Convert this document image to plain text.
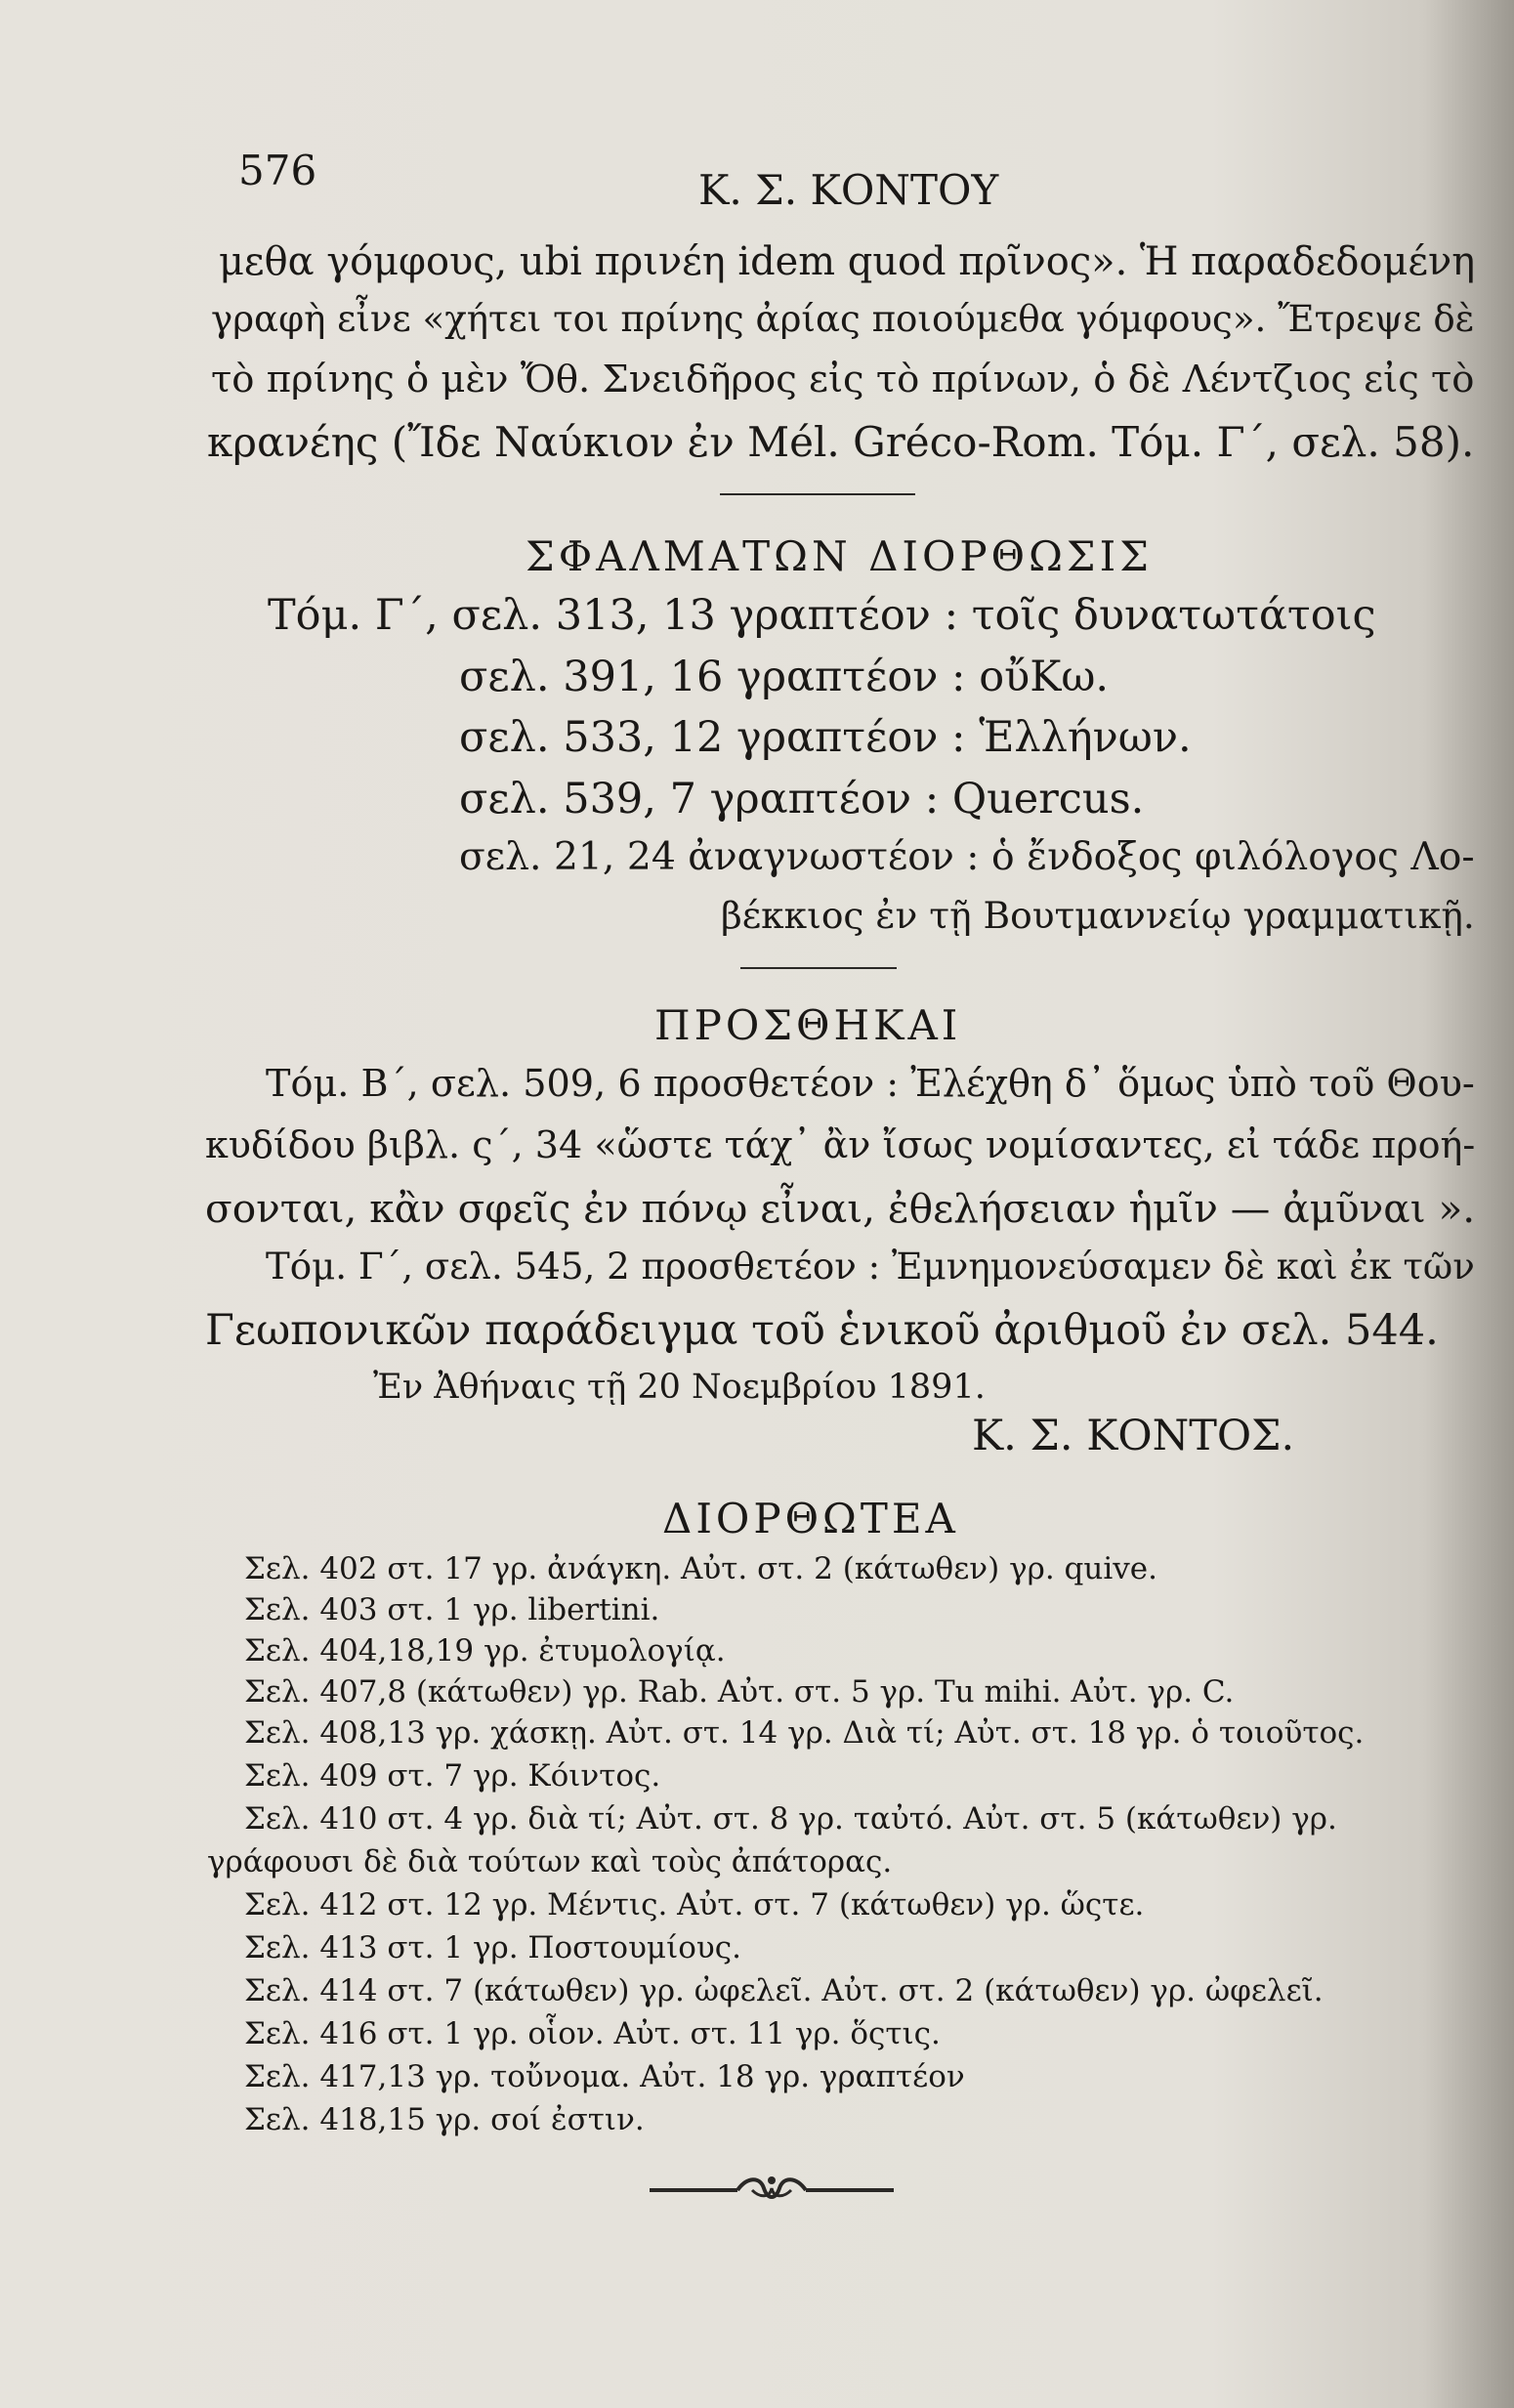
576	Κ. Σ. ΚΟΝΤΟΥ
μεθα γόμφους, ubi πρινέη idem quod πρῖνος». Ἡ παραδεδομένη
γραφὴ εἶνε «χήτει τοι πρίνης ἀρίας ποιούμεθα γόμφους». Ἔτρεψε δὲ
τὸ πρίνης ὁ μὲν Ὄθ. Σνειδῆρος εἰς τὸ πρίνων, ὁ δὲ Λέντζιος εἰς τὸ
κρανέης (Ἴδε Ναύκιον ἐν Mél. Gréco-Rom. Τόμ. Γ΄, σελ. 58).
ΣΦΑΛΜΑΤΩΝ ΔΙΟΡΘΩΣΙΣ
Τόμ. Γ΄, σελ. 313, 13 γραπτέον : τοῖς δυνατωτάτοις
σελ. 391, 16 γραπτέον : οὔΚω.
σελ. 533, 12 γραπτέον : Ἑλλήνων.
σελ. 539, 7 γραπτέον : Quercus.
σελ. 21, 24 ἀναγνωστέον : ὁ ἔνδοξος φιλόλογος Λο-
βέκκιος ἐν τῇ Βουτμαννείῳ γραμματικῇ.
ΠΡΟΣΘΗΚΑΙ
Τόμ. Β΄, σελ. 509, 6 προσθετέον : Ἐλέχθη δ᾽ ὅμως ὑπὸ τοῦ Θου-
κυδίδου βιβλ. ς΄, 34 «ὥστε τάχ᾽ ἂν ἴσως νομίσαντες, εἰ τάδε προή-
σονται, κἂν σφεῖς ἐν πόνῳ εἶναι, ἐθελήσειαν ἡμῖν — ἀμῦναι ».
Τόμ. Γ΄, σελ. 545, 2 προσθετέον : Ἐμνημονεύσαμεν δὲ καὶ ἐκ τῶν
Γεωπονικῶν παράδειγμα τοῦ ἑνικοῦ ἀριθμοῦ ἐν σελ. 544.
Ἐν Ἀθήναις τῇ 20 Νοεμβρίου 1891.
Κ. Σ. ΚΟΝΤΟΣ.
ΔΙΟΡΘΩΤΕΑ
Σελ. 402 στ. 17 γρ. ἀνάγκη. Αὐτ. στ. 2 (κάτωθεν) γρ. quive.
Σελ. 403 στ. 1 γρ. libertini.
Σελ. 404,18,19 γρ. ἐτυμολογίᾳ.
Σελ. 407,8 (κάτωθεν) γρ. Rab. Αὐτ. στ. 5 γρ. Tu mihi. Αὐτ. γρ. C.
Σελ. 408,13 γρ. χάσκῃ. Αὐτ. στ. 14 γρ. Διὰ τί; Αὐτ. στ. 18 γρ. ὁ τοιοῦτος.
Σελ. 409 στ. 7 γρ. Κόιντος.
Σελ. 410 στ. 4 γρ. διὰ τί; Αὐτ. στ. 8 γρ. ταὐτό. Αὐτ. στ. 5 (κάτωθεν) γρ.
γράφουσι δὲ διὰ τούτων καὶ τοὺς ἀπάτορας.
Σελ. 412 στ. 12 γρ. Μέντις. Αὐτ. στ. 7 (κάτωθεν) γρ. ὥςτε.
Σελ. 413 στ. 1 γρ. Ποστουμίους.
Σελ. 414 στ. 7 (κάτωθεν) γρ. ὠφελεῖ. Αὐτ. στ. 2 (κάτωθεν) γρ. ὠφελεῖ.
Σελ. 416 στ. 1 γρ. οἷον. Αὐτ. στ. 11 γρ. ὅςτις.
Σελ. 417,13 γρ. τοὔνομα. Αὐτ. 18 γρ. γραπτέον
Σελ. 418,15 γρ. σοί ἐστιν.
